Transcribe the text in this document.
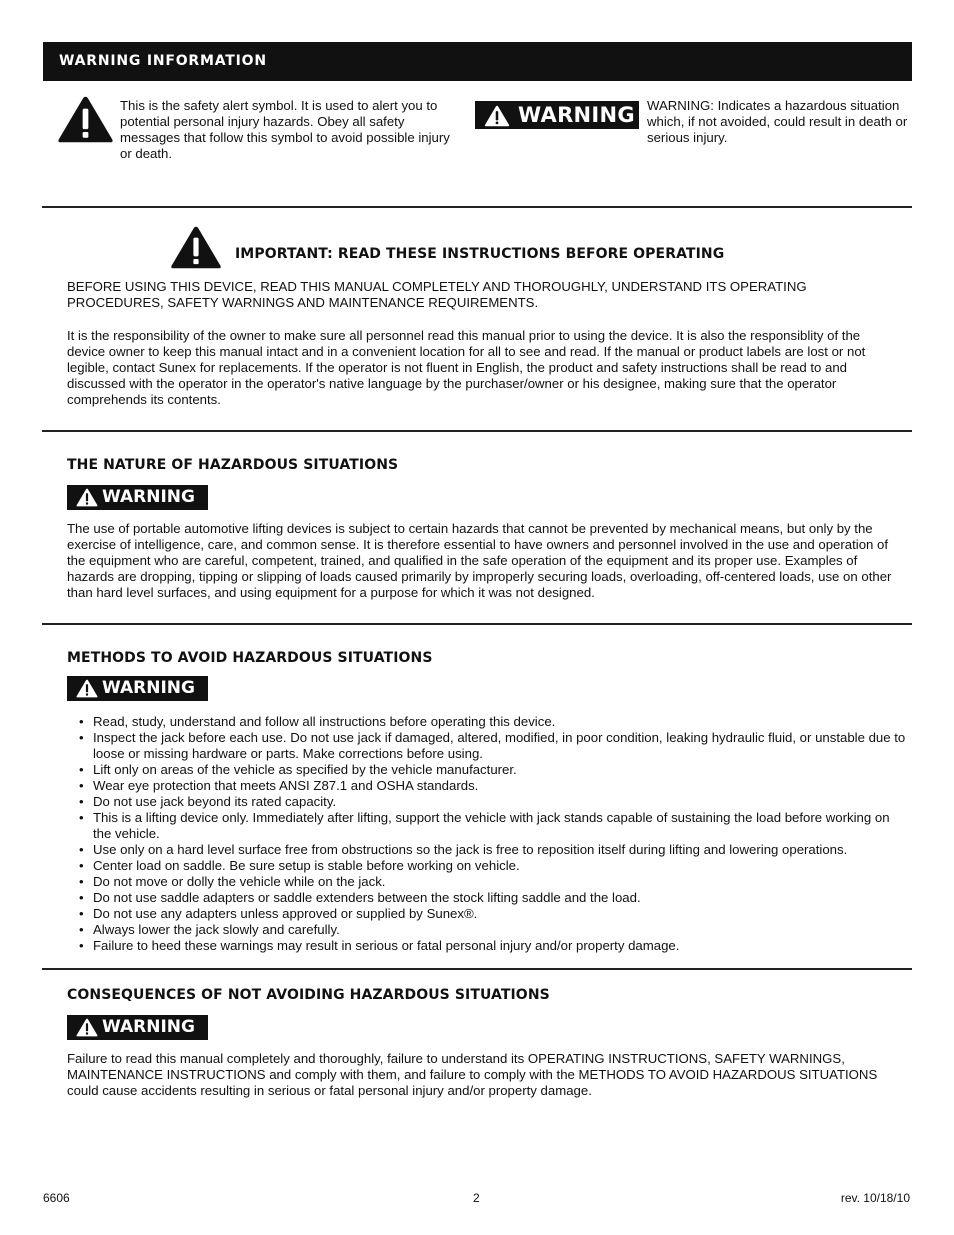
WARNING INFORMATION
This is the safety alert symbol. It is used to alert you to potential personal injury hazards. Obey all safety messages that follow this symbol to avoid possible injury or death.
WARNING WARNING: Indicates a hazardous situation which, if not avoided, could result in death or serious injury.
IMPORTANT: READ THESE INSTRUCTIONS BEFORE OPERATING
BEFORE USING THIS DEVICE, READ THIS MANUAL COMPLETELY AND THOROUGHLY, UNDERSTAND ITS OPERATING PROCEDURES, SAFETY WARNINGS AND MAINTENANCE REQUIREMENTS.
It is the responsibility of the owner to make sure all personnel read this manual prior to using the device. It is also the responsiblity of the device owner to keep this manual intact and in a convenient location for all to see and read. If the manual or product labels are lost or not legible, contact Sunex for replacements. If the operator is not fluent in English, the product and safety instructions shall be read to and discussed with the operator in the operator's native language by the purchaser/owner or his designee, making sure that the operator comprehends its contents.
THE NATURE OF HAZARDOUS SITUATIONS
WARNING
The use of portable automotive lifting devices is subject to certain hazards that cannot be prevented by mechanical means, but only by the exercise of intelligence, care, and common sense. It is therefore essential to have owners and personnel involved in the use and operation of the equipment who are careful, competent, trained, and qualified in the safe operation of the equipment and its proper use. Examples of hazards are dropping, tipping or slipping of loads caused primarily by improperly securing loads, overloading, off-centered loads, use on other than hard level surfaces, and using equipment for a purpose for which it was not designed.
METHODS TO AVOID HAZARDOUS SITUATIONS
WARNING
• Read, study, understand and follow all instructions before operating this device.
• Inspect the jack before each use. Do not use jack if damaged, altered, modified, in poor condition, leaking hydraulic fluid, or unstable due to loose or missing hardware or parts. Make corrections before using.
• Lift only on areas of the vehicle as specified by the vehicle manufacturer.
• Wear eye protection that meets ANSI Z87.1 and OSHA standards.
• Do not use jack beyond its rated capacity.
• This is a lifting device only. Immediately after lifting, support the vehicle with jack stands capable of sustaining the load before working on the vehicle.
• Use only on a hard level surface free from obstructions so the jack is free to reposition itself during lifting and lowering operations.
• Center load on saddle. Be sure setup is stable before working on vehicle.
• Do not move or dolly the vehicle while on the jack.
• Do not use saddle adapters or saddle extenders between the stock lifting saddle and the load.
• Do not use any adapters unless approved or supplied by Sunex®.
• Always lower the jack slowly and carefully.
• Failure to heed these warnings may result in serious or fatal personal injury and/or property damage.
CONSEQUENCES OF NOT AVOIDING HAZARDOUS SITUATIONS
WARNING
Failure to read this manual completely and thoroughly, failure to understand its OPERATING INSTRUCTIONS, SAFETY WARNINGS, MAINTENANCE INSTRUCTIONS and comply with them, and failure to comply with the METHODS TO AVOID HAZARDOUS SITUATIONS could cause accidents resulting in serious or fatal personal injury and/or property damage.
6606	2	rev. 10/18/10
